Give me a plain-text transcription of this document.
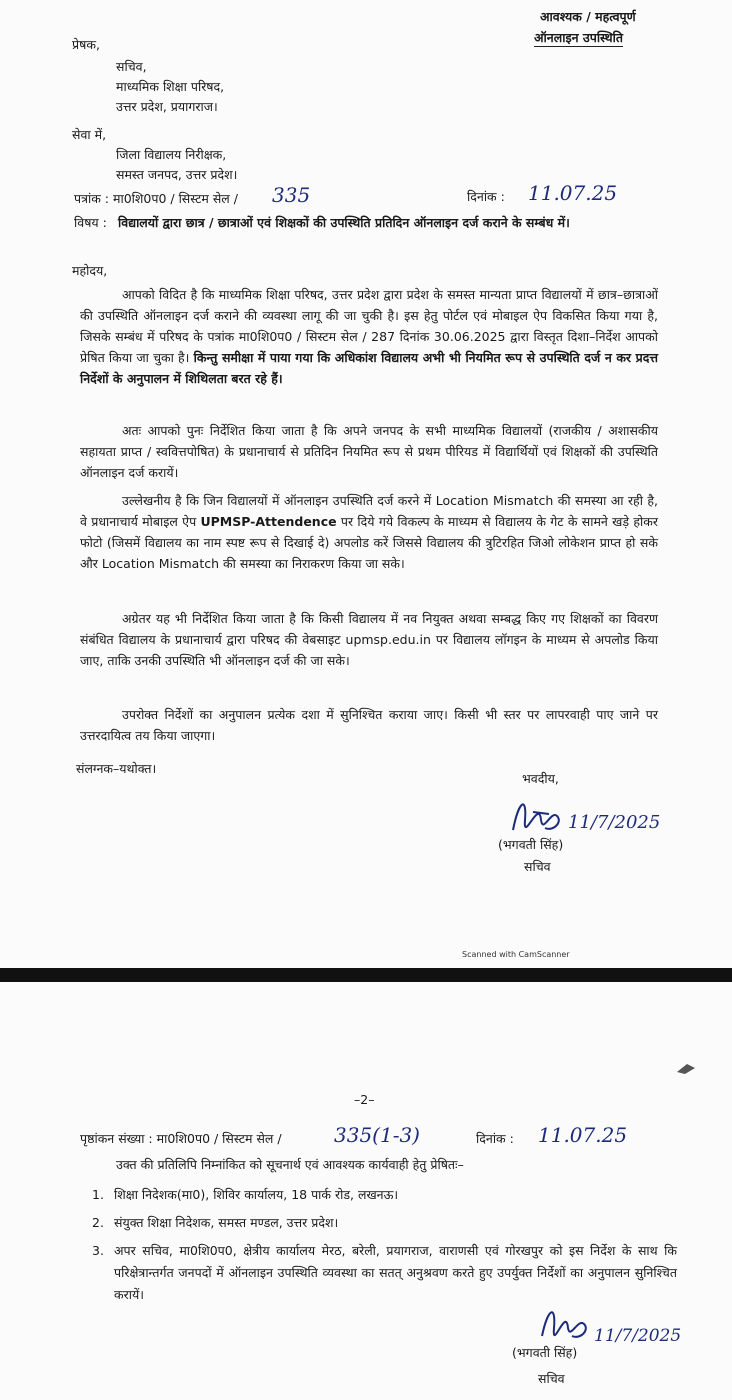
आवश्यक / महत्वपूर्ण
ऑनलाइन उपस्थिति
प्रेषक,
सचिव,
माध्यमिक शिक्षा परिषद,
उत्तर प्रदेश, प्रयागराज।
सेवा में,
जिला विद्यालय निरीक्षक,
समस्त जनपद, उत्तर प्रदेश।
पत्रांक : मा0शि0प0 / सिस्टम सेल / 335	दिनांक : 11.07.25
विषय : विद्यालयों द्वारा छात्र / छात्राओं एवं शिक्षकों की उपस्थिति प्रतिदिन ऑनलाइन दर्ज कराने के सम्बंध में।
महोदय,
आपको विदित है कि माध्यमिक शिक्षा परिषद, उत्तर प्रदेश द्वारा प्रदेश के समस्त मान्यता प्राप्त विद्यालयों में छात्र–छात्राओं की उपस्थिति ऑनलाइन दर्ज कराने की व्यवस्था लागू की जा चुकी है। इस हेतु पोर्टल एवं मोबाइल ऐप विकसित किया गया है, जिसके सम्बंध में परिषद के पत्रांक मा0शि0प0 / सिस्टम सेल / 287 दिनांक 30.06.2025 द्वारा विस्तृत दिशा–निर्देश आपको प्रेषित किया जा चुका है। किन्तु समीक्षा में पाया गया कि अधिकांश विद्यालय अभी भी नियमित रूप से उपस्थिति दर्ज न कर प्रदत्त निर्देशों के अनुपालन में शिथिलता बरत रहे हैं।
अतः आपको पुनः निर्देशित किया जाता है कि अपने जनपद के सभी माध्यमिक विद्यालयों (राजकीय / अशासकीय सहायता प्राप्त / स्ववित्तपोषित) के प्रधानाचार्य से प्रतिदिन नियमित रूप से प्रथम पीरियड में विद्यार्थियों एवं शिक्षकों की उपस्थिति ऑनलाइन दर्ज करायें।
उल्लेखनीय है कि जिन विद्यालयों में ऑनलाइन उपस्थिति दर्ज करने में Location Mismatch की समस्या आ रही है, वे प्रधानाचार्य मोबाइल ऐप UPMSP-Attendence पर दिये गये विकल्प के माध्यम से विद्यालय के गेट के सामने खड़े होकर फोटो (जिसमें विद्यालय का नाम स्पष्ट रूप से दिखाई दे) अपलोड करें जिससे विद्यालय की त्रुटिरहित जिओ लोकेशन प्राप्त हो सके और Location Mismatch की समस्या का निराकरण किया जा सके।
अग्रेतर यह भी निर्देशित किया जाता है कि किसी विद्यालय में नव नियुक्त अथवा सम्बद्ध किए गए शिक्षकों का विवरण संबंधित विद्यालय के प्रधानाचार्य द्वारा परिषद की वेबसाइट upmsp.edu.in पर विद्यालय लॉगइन के माध्यम से अपलोड किया जाए, ताकि उनकी उपस्थिति भी ऑनलाइन दर्ज की जा सके।
उपरोक्त निर्देशों का अनुपालन प्रत्येक दशा में सुनिश्चित कराया जाए। किसी भी स्तर पर लापरवाही पाए जाने पर उत्तरदायित्व तय किया जाएगा।
संलग्नक–यथोक्त।
भवदीय,
11/7/2025
(भगवती सिंह)
सचिव
Scanned with CamScanner
–2–
पृष्ठांकन संख्या : मा0शि0प0 / सिस्टम सेल /	335(1-3)	दिनांक : 11.07.25
उक्त की प्रतिलिपि निम्नांकित को सूचनार्थ एवं आवश्यक कार्यवाही हेतु प्रेषितः–
1. शिक्षा निदेशक(मा0), शिविर कार्यालय, 18 पार्क रोड, लखनऊ।
2. संयुक्त शिक्षा निदेशक, समस्त मण्डल, उत्तर प्रदेश।
3. अपर सचिव, मा0शि0प0, क्षेत्रीय कार्यालय मेरठ, बरेली, प्रयागराज, वाराणसी एवं गोरखपुर को इस निर्देश के साथ कि परिक्षेत्रान्तर्गत जनपदों में ऑनलाइन उपस्थिति व्यवस्था का सतत् अनुश्रवण करते हुए उपर्युक्त निर्देशों का अनुपालन सुनिश्चित करायें।
11/7/2025
(भगवती सिंह)
सचिव
